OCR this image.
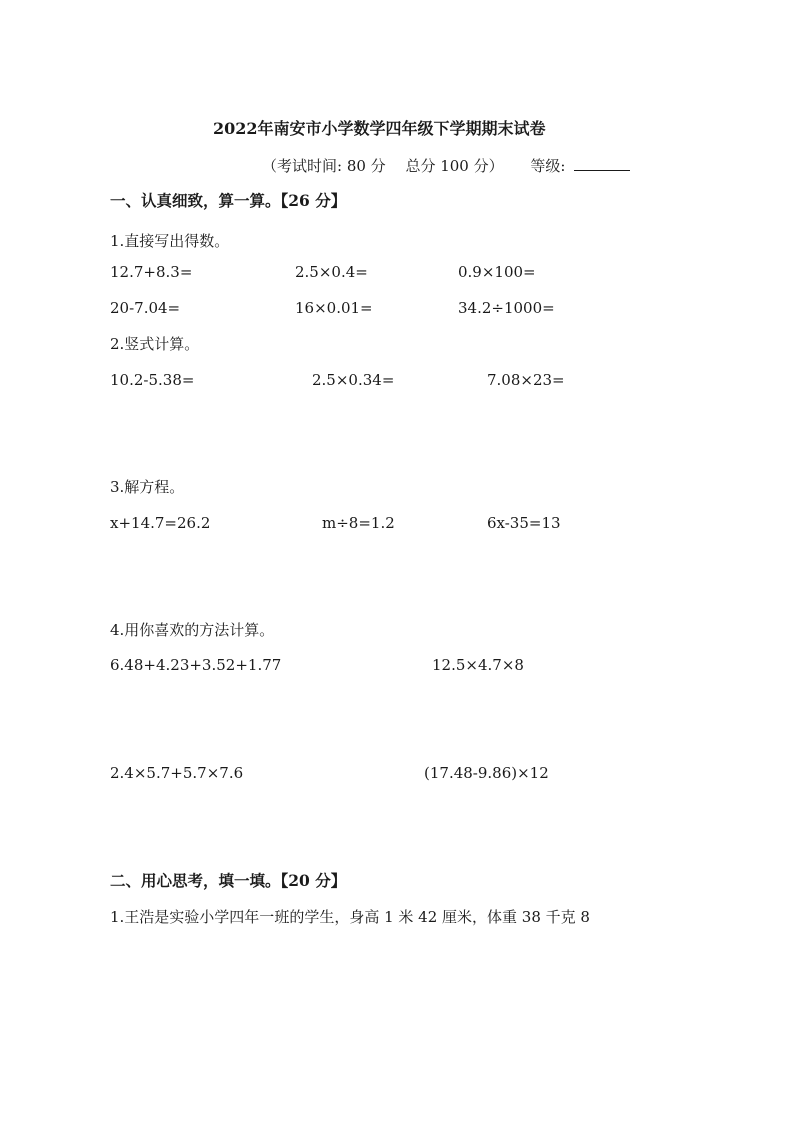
2022年南安市小学数学四年级下学期期末试卷
（考试时间: 80 分　 总分 100 分） 等级:
一、认真细致，算一算。【26 分】
1.直接写出得数。
12.7+8.3=	2.5×0.4=	0.9×100=
20-7.04=	16×0.01=	34.2÷1000=
2.竖式计算。
10.2-5.38=	2.5×0.34=	7.08×23=
3.解方程。
x+14.7=26.2	m÷8=1.2	6x-35=13
4.用你喜欢的方法计算。
6.48+4.23+3.52+1.77	12.5×4.7×8
2.4×5.7+5.7×7.6	(17.48-9.86)×12
二、用心思考，填一填。【20 分】
1.王浩是实验小学四年一班的学生，身高 1 米 42 厘米，体重 38 千克 8
